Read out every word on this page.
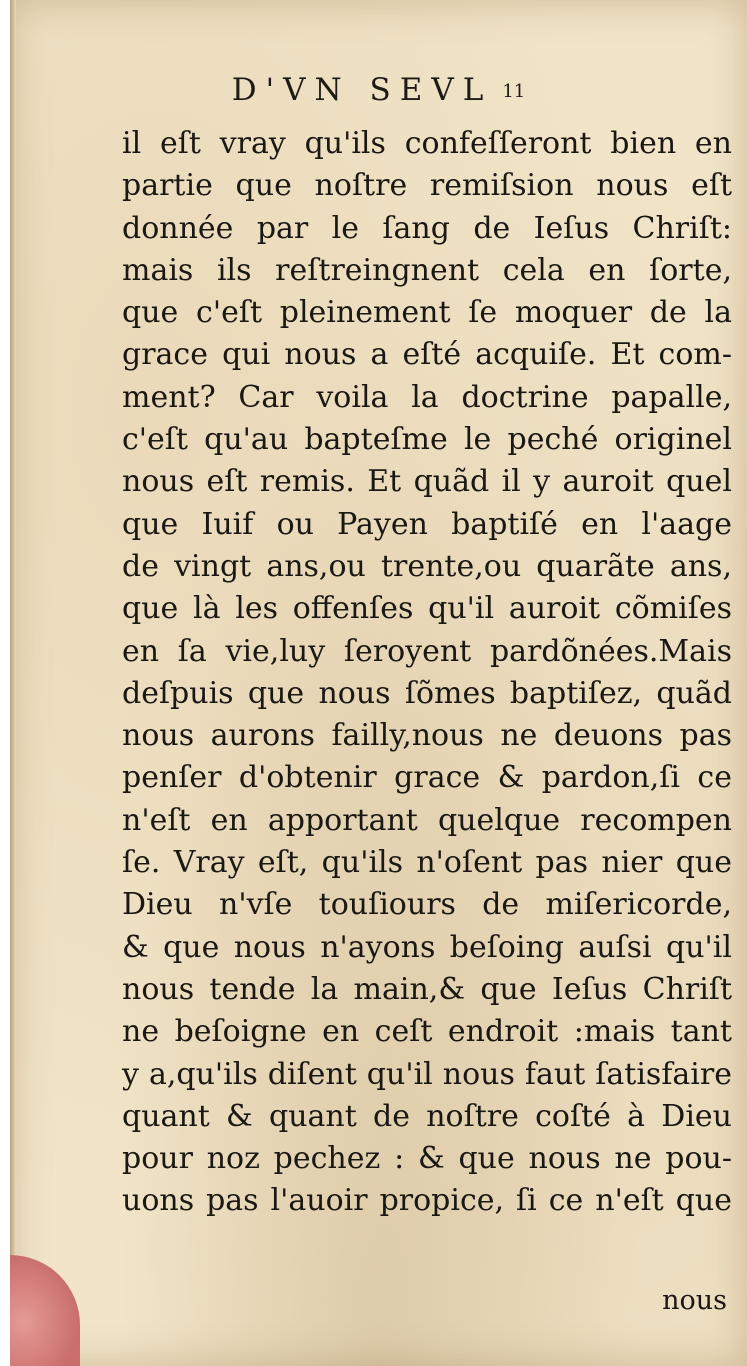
D'VN SEVL 11
il eſt vray qu'ils confeſſeront bien en
partie que noſtre remiſsion nous eſt
donnée par le ſang de Ieſus Chriſt:
mais ils reſtreingnent cela en ſorte,
que c'eſt pleinement ſe moquer de la
grace qui nous a eſté acquiſe. Et com-
ment? Car voila la doctrine papalle,
c'eſt qu'au bapteſme le peché originel
nous eſt remis. Et quãd il y auroit quel
que Iuif ou Payen baptiſé en l'aage
de vingt ans,ou trente,ou quarãte ans,
que là les offenſes qu'il auroit cõmiſes
en ſa vie,luy ſeroyent pardõnées.Mais
deſpuis que nous ſõmes baptiſez, quãd
nous aurons failly,nous ne deuons pas
penſer d'obtenir grace & pardon,ſi ce
n'eſt en apportant quelque recompen
ſe. Vray eſt, qu'ils n'oſent pas nier que
Dieu n'vſe touſiours de miſericorde,
& que nous n'ayons beſoing auſsi qu'il
nous tende la main,& que Ieſus Chriſt
ne beſoigne en ceſt endroit :mais tant
y a,qu'ils diſent qu'il nous faut ſatisfaire
quant & quant de noſtre coſté à Dieu
pour noz pechez : & que nous ne pou-
uons pas l'auoir propice, ſi ce n'eſt que
nous
